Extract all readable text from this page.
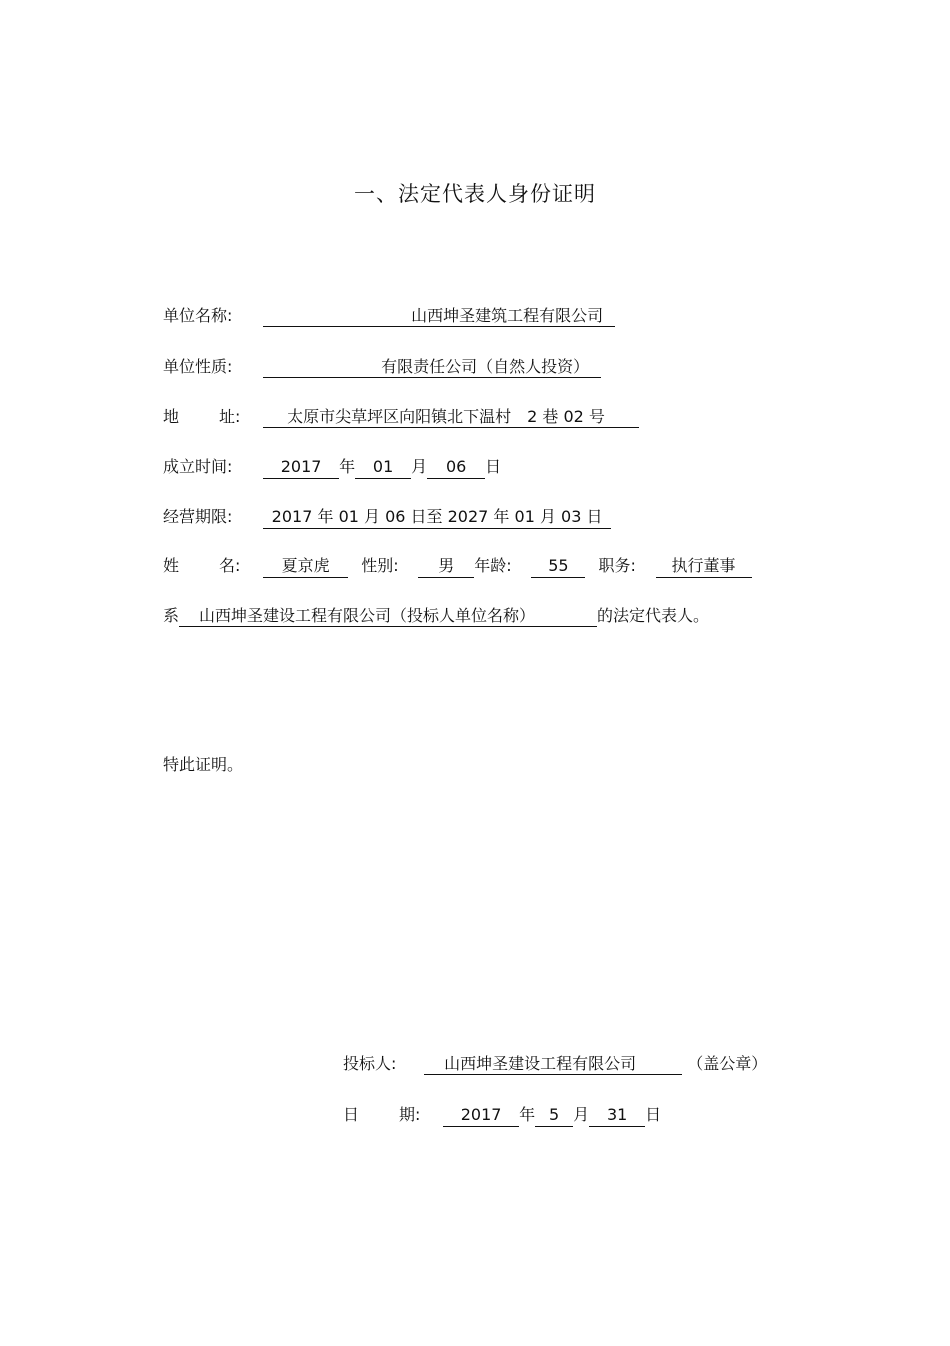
一、法定代表人身份证明
单位名称:	山西坤圣建筑工程有限公司
单位性质:	有限责任公司（自然人投资）
地 址:	太原市尖草坪区向阳镇北下温村　2 巷 02 号
成立时间:	2017 年 01 月 06 日
经营期限: 2017 年 01 月 06 日至 2027 年 01 月 03 日
姓 名:	夏京虎 性别: 男 年龄: 55 职务: 执行董事
系 山西坤圣建设工程有限公司（投标人单位名称）	的法定代表人。
特此证明。
投标人:	山西坤圣建设工程有限公司	（盖公章）
日 期:	2017 年 5 月 31 日
